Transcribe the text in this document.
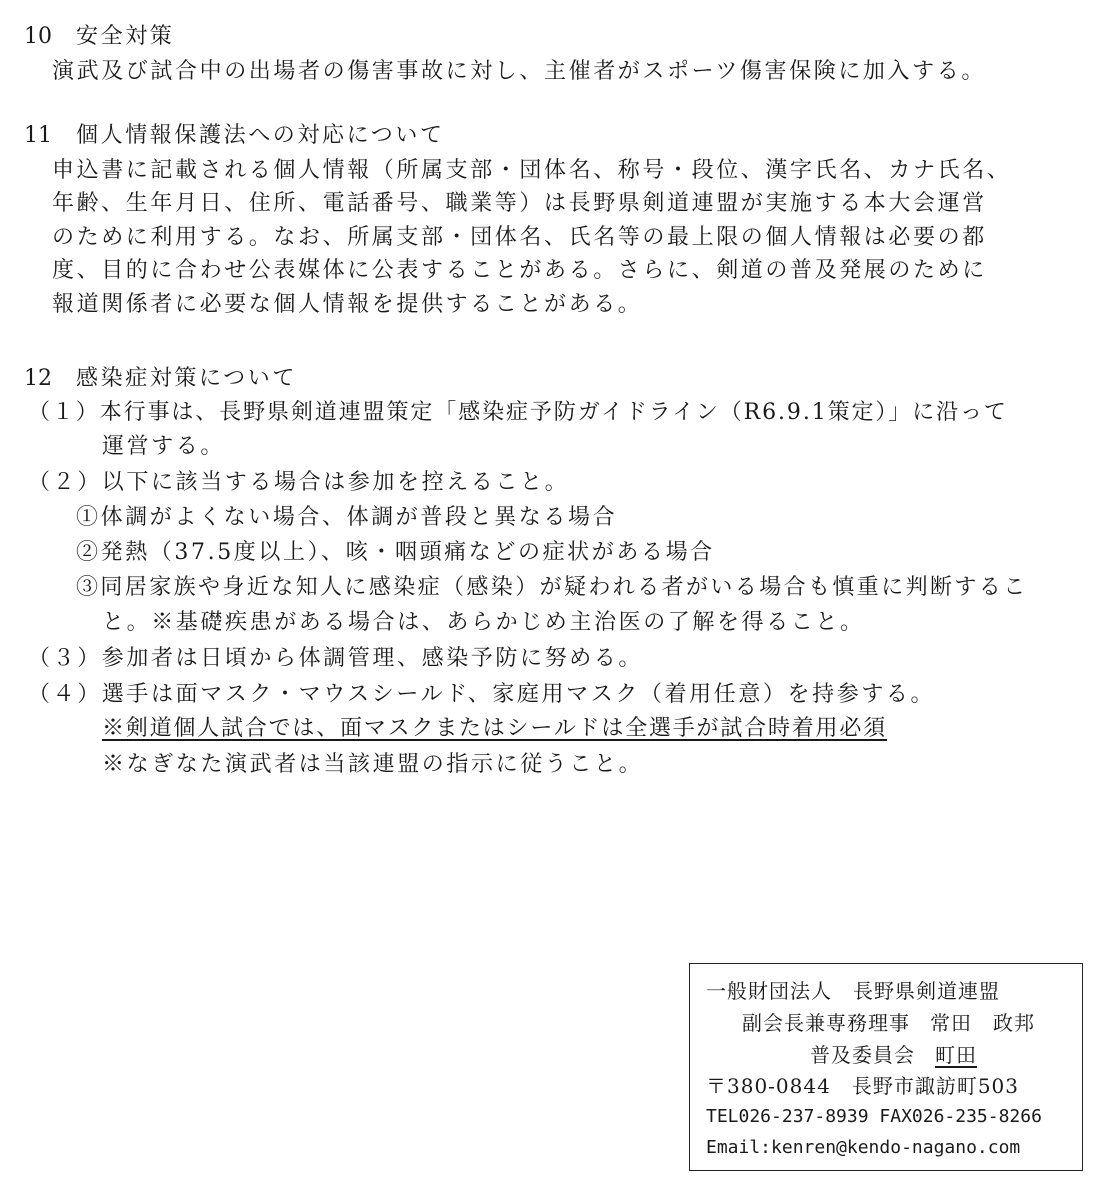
10 安全対策
演武及び試合中の出場者の傷害事故に対し、主催者がスポーツ傷害保険に加入する。
11 個人情報保護法への対応について
申込書に記載される個人情報（所属支部・団体名、称号・段位、漢字氏名、カナ氏名、
年齢、生年月日、住所、電話番号、職業等）は長野県剣道連盟が実施する本大会運営
のために利用する。なお、所属支部・団体名、氏名等の最上限の個人情報は必要の都
度、目的に合わせ公表媒体に公表することがある。さらに、剣道の普及発展のために
報道関係者に必要な個人情報を提供することがある。
12 感染症対策について
（１）本行事は、長野県剣道連盟策定「感染症予防ガイドライン（R6.9.1策定）」に沿って
運営する。
（２）以下に該当する場合は参加を控えること。
①体調がよくない場合、体調が普段と異なる場合
②発熱（37.5度以上）、咳・咽頭痛などの症状がある場合
③同居家族や身近な知人に感染症（感染）が疑われる者がいる場合も慎重に判断するこ
と。※基礎疾患がある場合は、あらかじめ主治医の了解を得ること。
（３）参加者は日頃から体調管理、感染予防に努める。
（４）選手は面マスク・マウスシールド、家庭用マスク（着用任意）を持参する。
※剣道個人試合では、面マスクまたはシールドは全選手が試合時着用必須
※なぎなた演武者は当該連盟の指示に従うこと。
一般財団法人　長野県剣道連盟
副会長兼専務理事 常田　政邦
普及委員会 町田
〒380-0844　長野市諏訪町503
TEL026-237-8939 FAX026-235-8266
Email:kenren@kendo-nagano.com
